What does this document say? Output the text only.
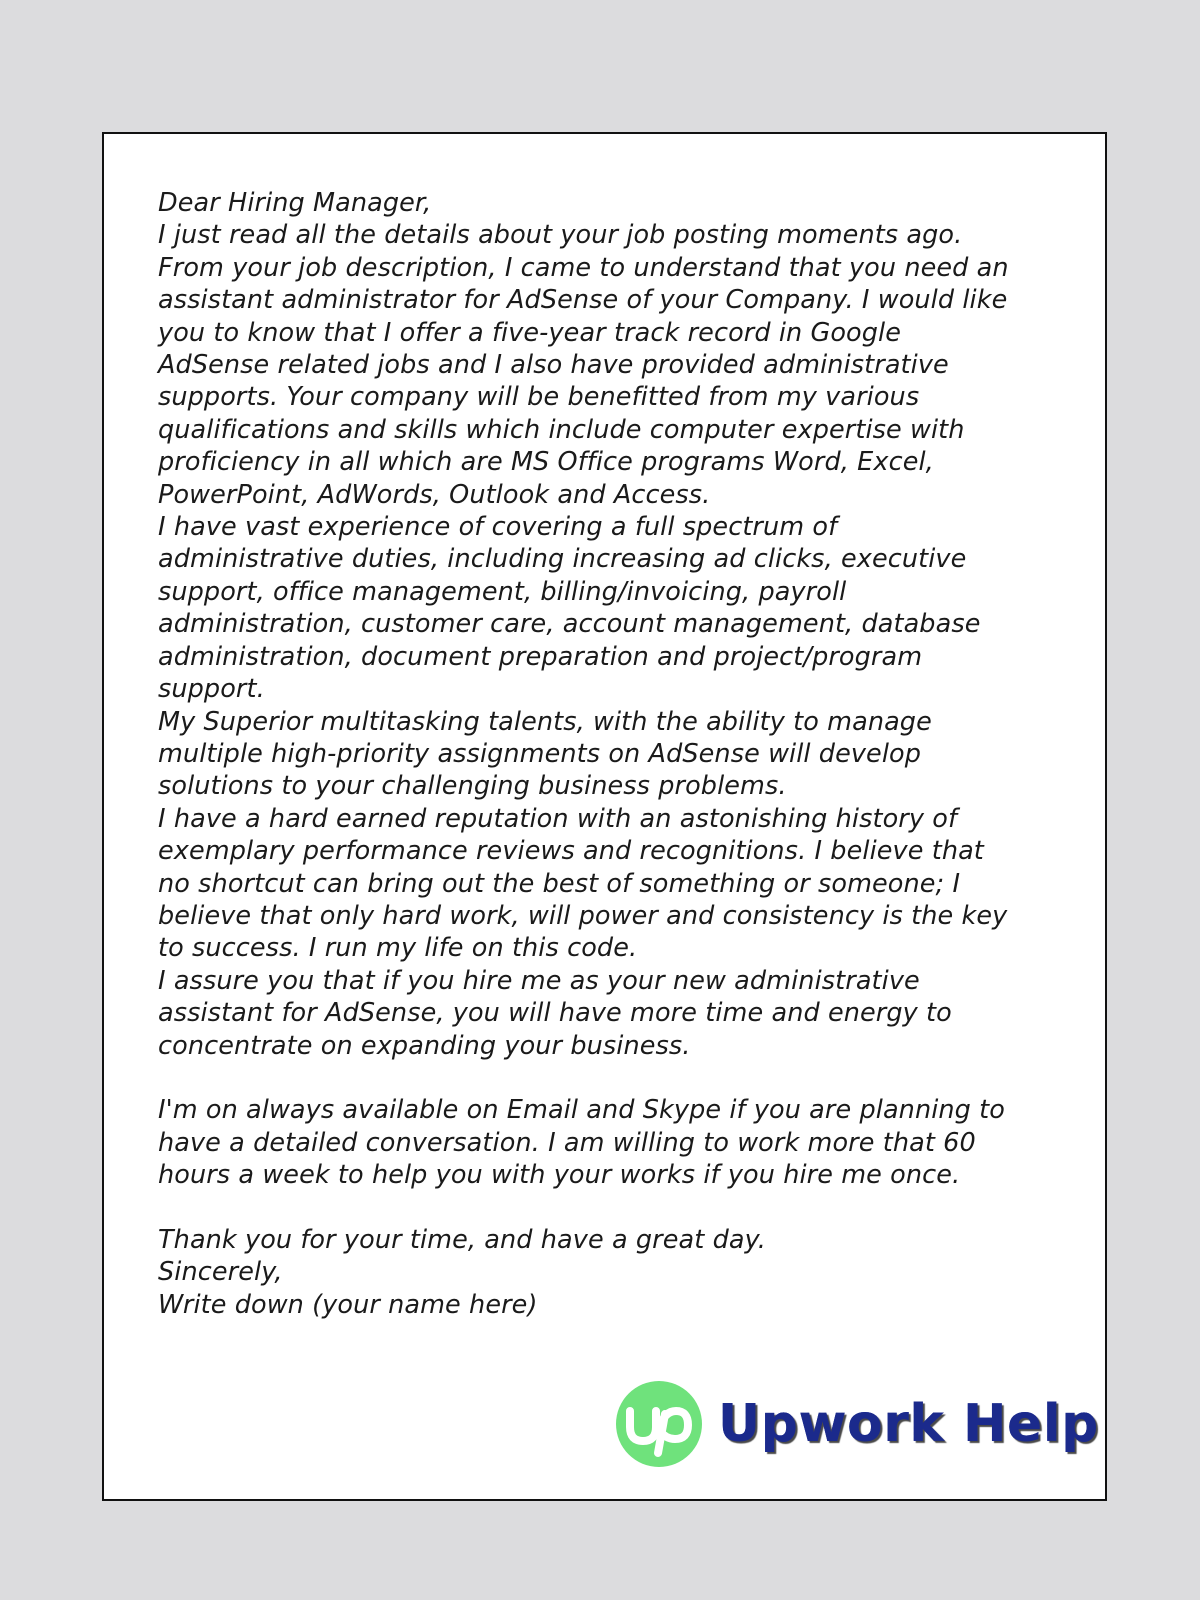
Dear Hiring Manager,

I just read all the details about your job posting moments ago.
From your job description, I came to understand that you need an
assistant administrator for AdSense of your Company. I would like
you to know that I offer a five-year track record in Google
AdSense related jobs and I also have provided administrative
supports. Your company will be benefitted from my various
qualifications and skills which include computer expertise with
proficiency in all which are MS Office programs Word, Excel,
PowerPoint, AdWords, Outlook and Access.

I have vast experience of covering a full spectrum of
administrative duties, including increasing ad clicks, executive
support, office management, billing/invoicing, payroll
administration, customer care, account management, database
administration, document preparation and project/program
support.

My Superior multitasking talents, with the ability to manage
multiple high-priority assignments on AdSense will develop
solutions to your challenging business problems.

I have a hard earned reputation with an astonishing history of
exemplary performance reviews and recognitions. I believe that
no shortcut can bring out the best of something or someone; I
believe that only hard work, will power and consistency is the key
to success. I run my life on this code.

I assure you that if you hire me as your new administrative
assistant for AdSense, you will have more time and energy to
concentrate on expanding your business.

I'm on always available on Email and Skype if you are planning to
have a detailed conversation. I am willing to work more that 60
hours a week to help you with your works if you hire me once.

Thank you for your time, and have a great day.

Sincerely,

Write down (your name here)

Upwork Help
